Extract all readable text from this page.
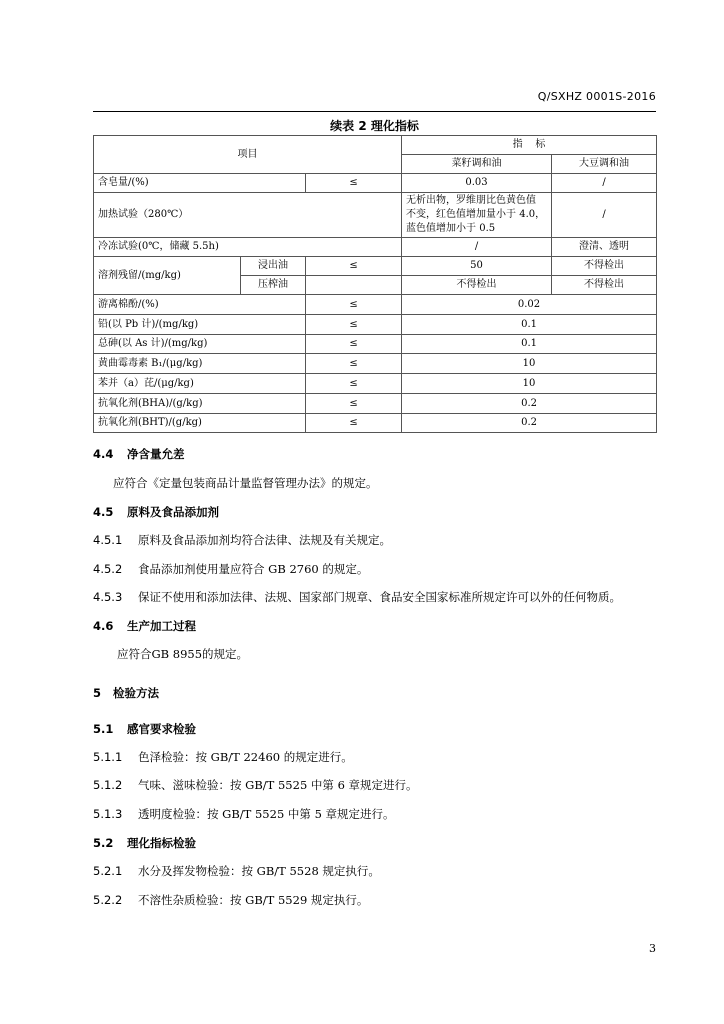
Q/SXHZ 0001S-2016
续表 2 理化指标
项目			指    标	
			菜籽调和油	大豆调和油
含皂量/(%)		≤	0.03	/
加热试验（280℃）			无析出物，罗维朋比色黄色值
不变，红色值增加量小于 4.0，
蓝色值增加小于 0.5	/
冷冻试验(0℃，储藏 5.5h)			/	澄清、透明
溶剂残留/(mg/kg)	浸出油	≤	50	不得检出
	压榨油		不得检出	不得检出
游离棉酚/(%)		≤	0.02	
铅(以 Pb 计)/(mg/kg)		≤	0.1	
总砷(以 As 计)/(mg/kg)		≤	0.1	
黄曲霉毒素 B₁/(μg/kg)		≤	10	
苯并（a）芘/(μg/kg)		≤	10	
抗氧化剂(BHA)/(g/kg)		≤	0.2	
抗氧化剂(BHT)/(g/kg)		≤	0.2	
4.4 净含量允差
应符合《定量包装商品计量监督管理办法》的规定。
4.5 原料及食品添加剂
4.5.1 原料及食品添加剂均符合法律、法规及有关规定。
4.5.2 食品添加剂使用量应符合 GB 2760 的规定。
4.5.3 保证不使用和添加法律、法规、国家部门规章、食品安全国家标准所规定许可以外的任何物质。
4.6 生产加工过程
应符合GB 8955的规定。
5 检验方法
5.1 感官要求检验
5.1.1 色泽检验：按 GB/T 22460 的规定进行。
5.1.2 气味、滋味检验：按 GB/T 5525 中第 6 章规定进行。
5.1.3 透明度检验：按 GB/T 5525 中第 5 章规定进行。
5.2 理化指标检验
5.2.1 水分及挥发物检验：按 GB/T 5528 规定执行。
5.2.2 不溶性杂质检验：按 GB/T 5529 规定执行。
3
